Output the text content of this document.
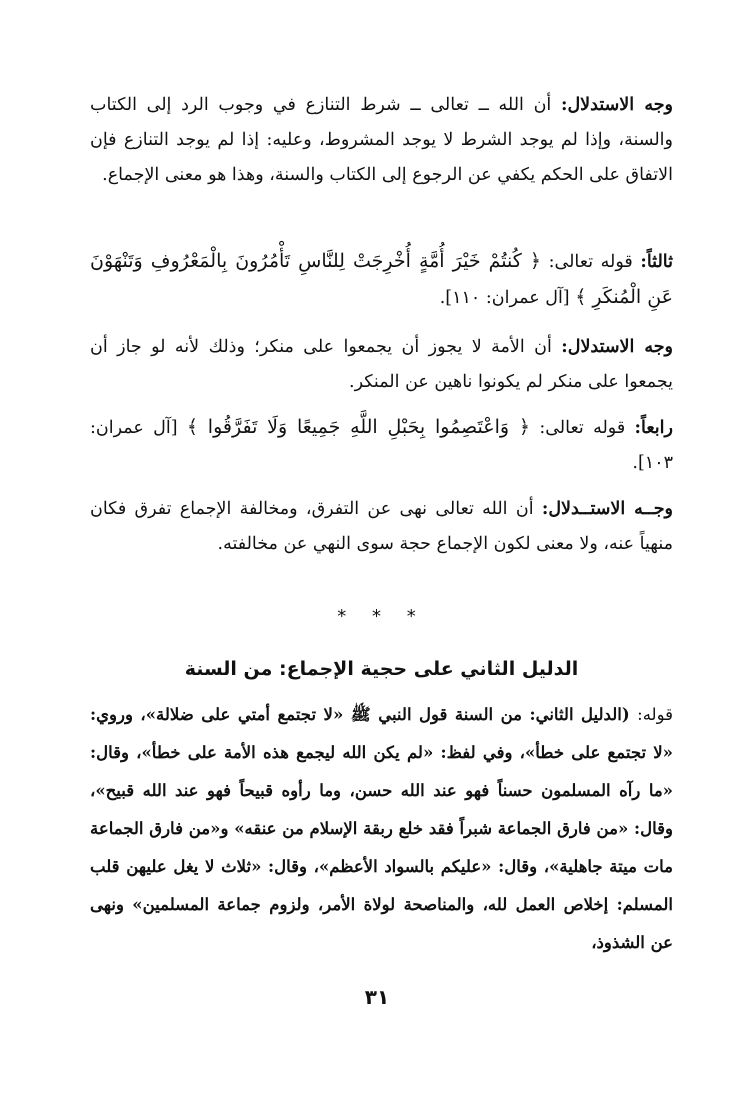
وجه الاستدلال: أن الله ــ تعالى ــ شرط التنازع في وجوب الرد إلى الكتاب والسنة، وإذا لم يوجد الشرط لا يوجد المشروط، وعليه: إذا لم يوجد التنازع فإن الاتفاق على الحكم يكفي عن الرجوع إلى الكتاب والسنة، وهذا هو معنى الإجماع.

ثالثاً: قوله تعالى: ﴿ كُنتُمْ خَيْرَ أُمَّةٍ أُخْرِجَتْ لِلنَّاسِ تَأْمُرُونَ بِالْمَعْرُوفِ وَتَنْهَوْنَ عَنِ الْمُنكَرِ ﴾ [آل عمران: ١١٠].

وجه الاستدلال: أن الأمة لا يجوز أن يجمعوا على منكر؛ وذلك لأنه لو جاز أن يجمعوا على منكر لم يكونوا ناهين عن المنكر.

رابعاً: قوله تعالى: ﴿ وَاعْتَصِمُوا بِحَبْلِ اللَّهِ جَمِيعًا وَلَا تَفَرَّقُوا ﴾ [آل عمران: ١٠٣].

وجــه الاستــدلال: أن الله تعالى نهى عن التفرق، ومخالفة الإجماع تفرق فكان منهياً عنه، ولا معنى لكون الإجماع حجة سوى النهي عن مخالفته.

* * *
الدليل الثاني على حجية الإجماع: من السنة

قوله: (الدليل الثاني: من السنة قول النبي ﷺ «لا تجتمع أمتي على ضلالة»، وروي: «لا تجتمع على خطأ»، وفي لفظ: «لم يكن الله ليجمع هذه الأمة على خطأ»، وقال: «ما رآه المسلمون حسناً فهو عند الله حسن، وما رأوه قبيحاً فهو عند الله قبيح»، وقال: «من فارق الجماعة شبراً فقد خلع ربقة الإسلام من عنقه» و«من فارق الجماعة مات ميتة جاهلية»، وقال: «عليكم بالسواد الأعظم»، وقال: «ثلاث لا يغل عليهن قلب المسلم: إخلاص العمل لله، والمناصحة لولاة الأمر، ولزوم جماعة المسلمين» ونهى عن الشذوذ،

٣١
